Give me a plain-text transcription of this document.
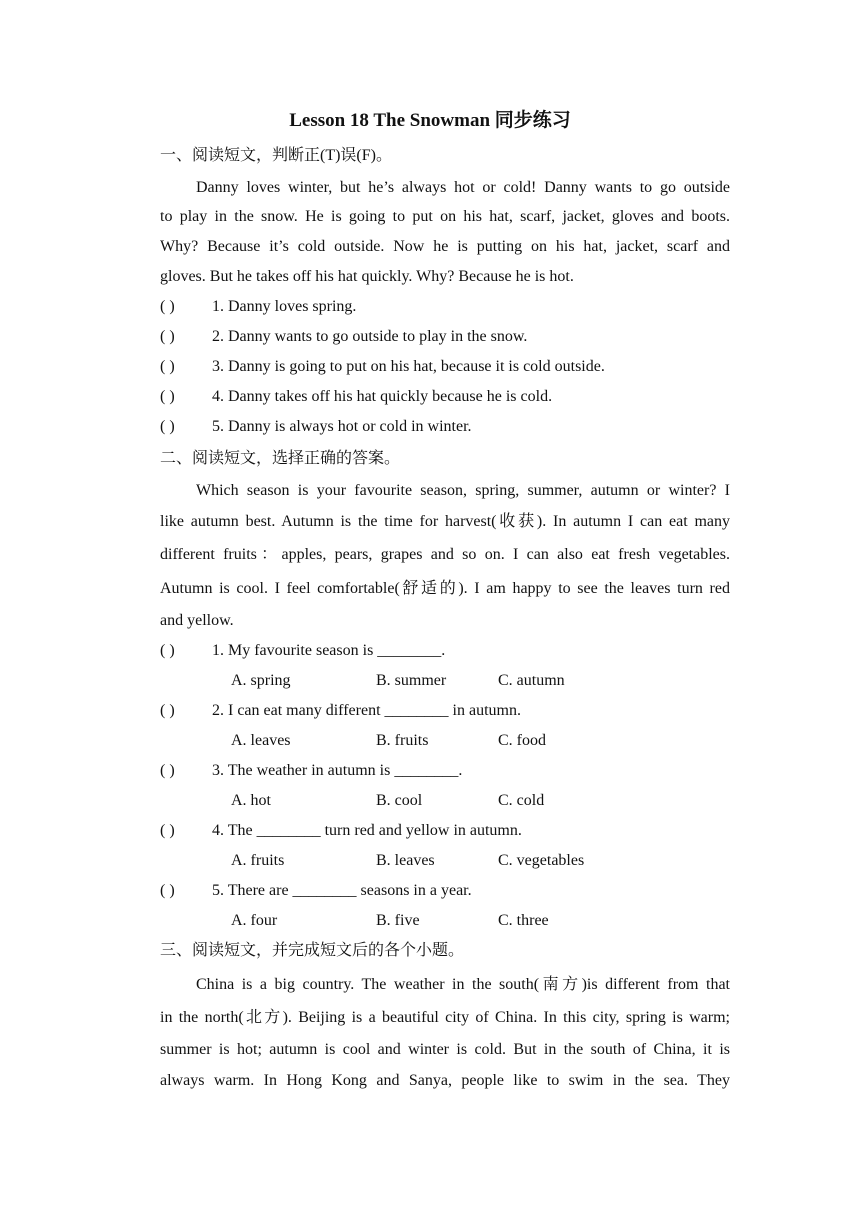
Lesson 18 The Snowman 同步练习
一、阅读短文，判断正(T)误(F)。
Danny loves winter, but he’s always hot or cold! Danny wants to go outside
to play in the snow. He is going to put on his hat, scarf, jacket, gloves and boots.
Why? Because it’s cold outside. Now he is putting on his hat, jacket, scarf and
gloves. But he takes off his hat quickly. Why? Because he is hot.
( ) 1. Danny loves spring.
( ) 2. Danny wants to go outside to play in the snow.
( ) 3. Danny is going to put on his hat, because it is cold outside.
( ) 4. Danny takes off his hat quickly because he is cold.
( ) 5. Danny is always hot or cold in winter.
二、阅读短文，选择正确的答案。
Which season is your favourite season, spring, summer, autumn or winter? I
like autumn best. Autumn is the time for harvest(收获). In autumn I can eat many
different fruits：apples, pears, grapes and so on. I can also eat fresh vegetables.
Autumn is cool. I feel comfortable(舒适的). I am happy to see the leaves turn red
and yellow.
( ) 1. My favourite season is ________.
A. spring	B. summer	C. autumn
( ) 2. I can eat many different ________ in autumn.
A. leaves	B. fruits	C. food
( ) 3. The weather in autumn is ________.
A. hot	B. cool	C. cold
( ) 4. The ________ turn red and yellow in autumn.
A. fruits	B. leaves	C. vegetables
( ) 5. There are ________ seasons in a year.
A. four	B. five	C. three
三、阅读短文，并完成短文后的各个小题。
China is a big country. The weather in the south(南方)is different from that
in the north(北方). Beijing is a beautiful city of China. In this city, spring is warm;
summer is hot; autumn is cool and winter is cold. But in the south of China, it is
always warm. In Hong Kong and Sanya, people like to swim in the sea. They
